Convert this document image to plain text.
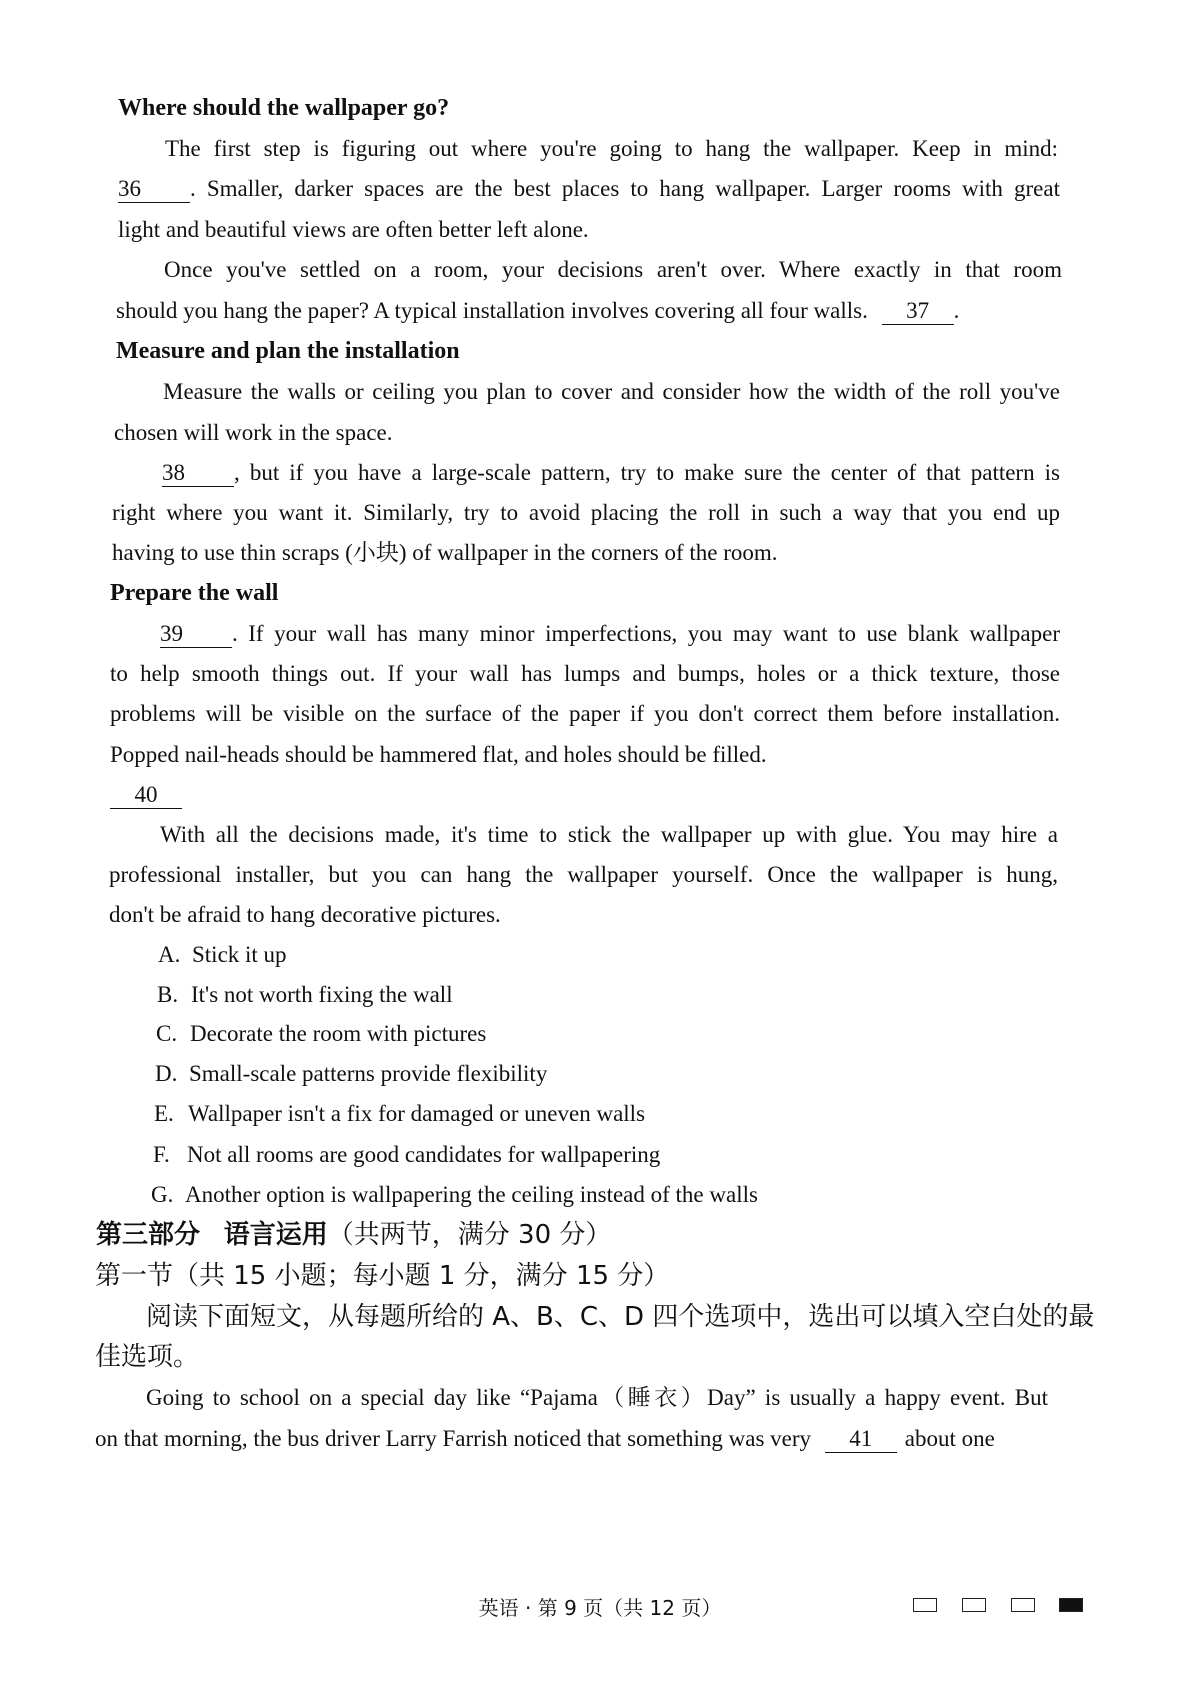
Where should the wallpaper go?
The first step is figuring out where you're going to hang the wallpaper. Keep in mind:
36 . Smaller, darker spaces are the best places to hang wallpaper. Larger rooms with great
light and beautiful views are often better left alone.
Once you've settled on a room, your decisions aren't over. Where exactly in that room
should you hang the paper? A typical installation involves covering all four walls. 37 .
Measure and plan the installation
Measure the walls or ceiling you plan to cover and consider how the width of the roll you've
chosen will work in the space.
38 , but if you have a large-scale pattern, try to make sure the center of that pattern is
right where you want it. Similarly, try to avoid placing the roll in such a way that you end up
having to use thin scraps (小块) of wallpaper in the corners of the room.
Prepare the wall
39 . If your wall has many minor imperfections, you may want to use blank wallpaper
to help smooth things out. If your wall has lumps and bumps, holes or a thick texture, those
problems will be visible on the surface of the paper if you don't correct them before installation.
Popped nail-heads should be hammered flat, and holes should be filled.
40
With all the decisions made, it's time to stick the wallpaper up with glue. You may hire a
professional installer, but you can hang the wallpaper yourself. Once the wallpaper is hung,
don't be afraid to hang decorative pictures.
A. Stick it up
B. It's not worth fixing the wall
C. Decorate the room with pictures
D. Small-scale patterns provide flexibility
E. Wallpaper isn't a fix for damaged or uneven walls
F. Not all rooms are good candidates for wallpapering
G. Another option is wallpapering the ceiling instead of the walls
第三部分 语言运用（共两节，满分 30 分）
第一节（共 15 小题；每小题 1 分，满分 15 分）
阅读下面短文，从每题所给的 A、B、C、D 四个选项中，选出可以填入空白处的最
佳选项。
Going to school on a special day like “Pajama（睡衣）Day” is usually a happy event. But
on that morning, the bus driver Larry Farrish noticed that something was very 41 about one
英语 · 第 9 页（共 12 页）
